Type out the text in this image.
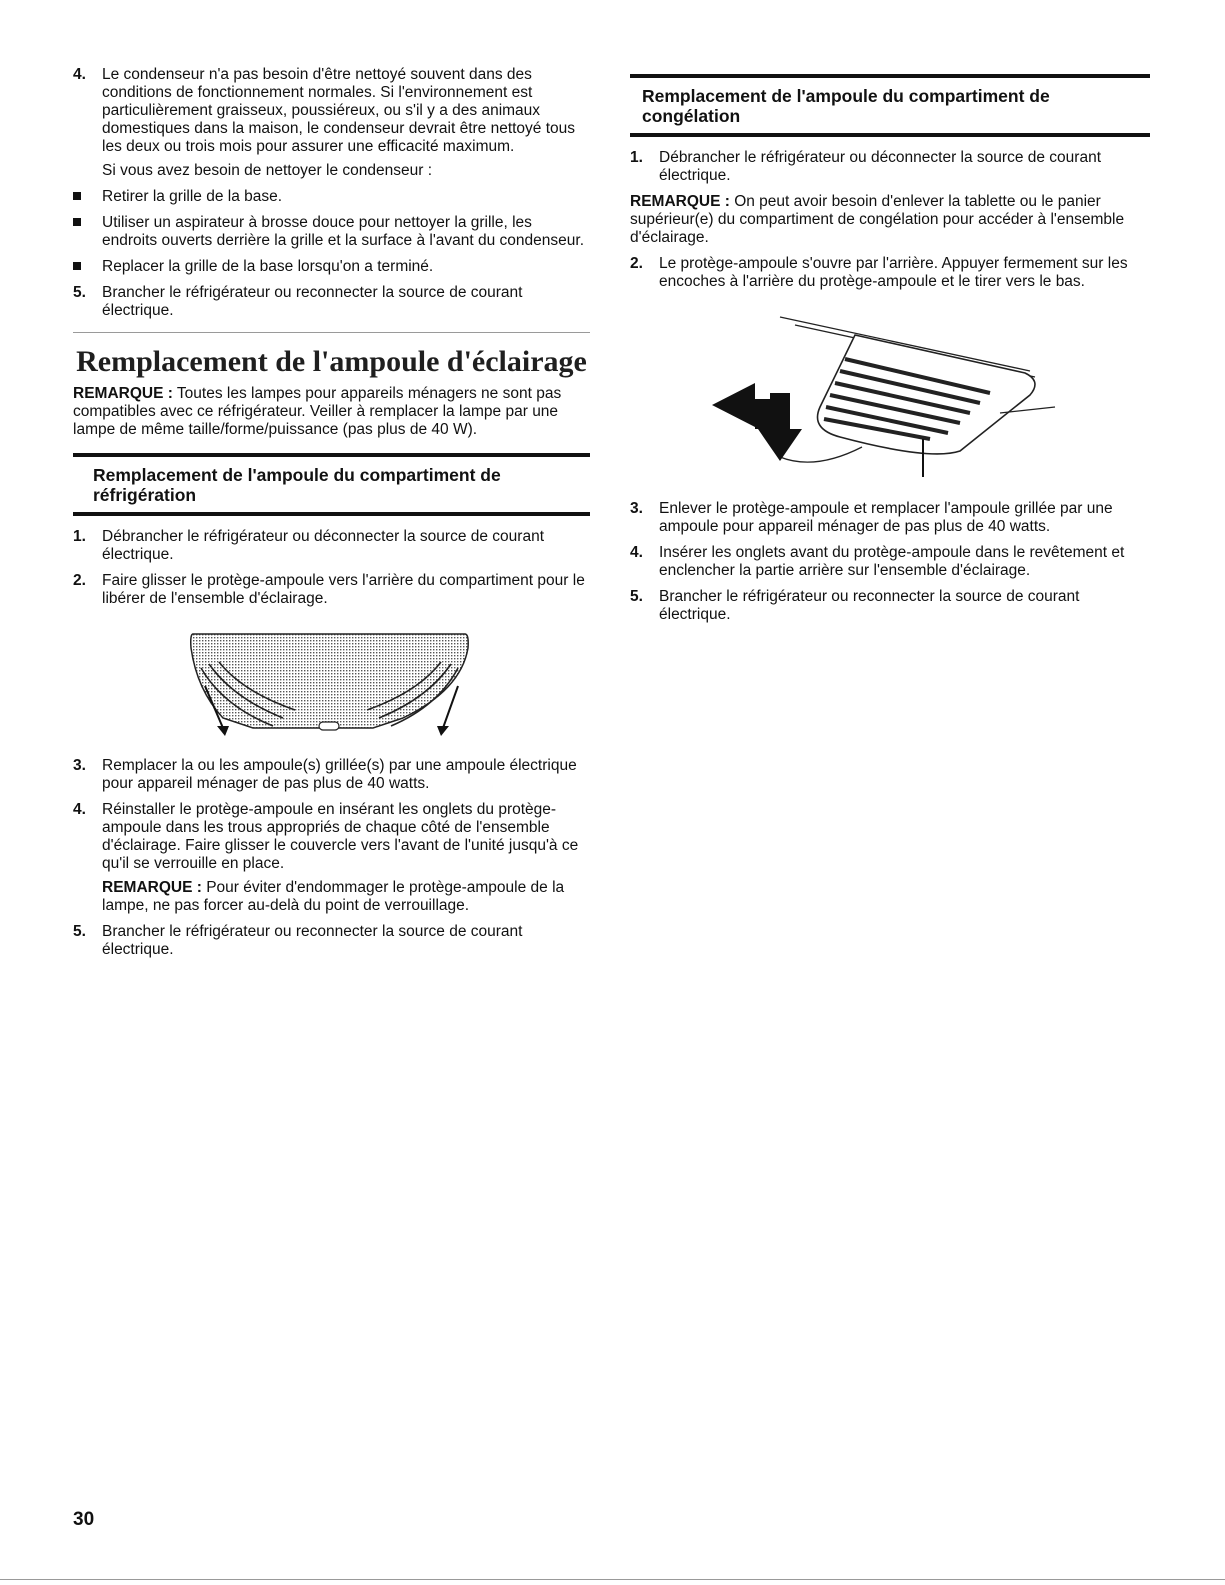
4. Le condenseur n'a pas besoin d'être nettoyé souvent dans des conditions de fonctionnement normales. Si l'environnement est particulièrement graisseux, poussiéreux, ou s'il y a des animaux domestiques dans la maison, le condenseur devrait être nettoyé tous les deux ou trois mois pour assurer une efficacité maximum.

Si vous avez besoin de nettoyer le condenseur :

Retirer la grille de la base.
Utiliser un aspirateur à brosse douce pour nettoyer la grille, les endroits ouverts derrière la grille et la surface à l'avant du condenseur.
Replacer la grille de la base lorsqu'on a terminé.
5. Brancher le réfrigérateur ou reconnecter la source de courant électrique.

Remplacement de l'ampoule d'éclairage

REMARQUE : Toutes les lampes pour appareils ménagers ne sont pas compatibles avec ce réfrigérateur. Veiller à remplacer la lampe par une lampe de même taille/forme/puissance (pas plus de 40 W).

Remplacement de l'ampoule du compartiment de réfrigération
1. Débrancher le réfrigérateur ou déconnecter la source de courant électrique.

2. Faire glisser le protège-ampoule vers l'arrière du compartiment pour le libérer de l'ensemble d'éclairage.

3. Remplacer la ou les ampoule(s) grillée(s) par une ampoule électrique pour appareil ménager de pas plus de 40 watts.

4. Réinstaller le protège-ampoule en insérant les onglets du protège-ampoule dans les trous appropriés de chaque côté de l'ensemble d'éclairage. Faire glisser le couvercle vers l'avant de l'unité jusqu'à ce qu'il se verrouille en place.

REMARQUE : Pour éviter d'endommager le protège-ampoule de la lampe, ne pas forcer au-delà du point de verrouillage.

5. Brancher le réfrigérateur ou reconnecter la source de courant électrique.

Remplacement de l'ampoule du compartiment de congélation
1. Débrancher le réfrigérateur ou déconnecter la source de courant électrique.

REMARQUE : On peut avoir besoin d'enlever la tablette ou le panier supérieur(e) du compartiment de congélation pour accéder à l'ensemble d'éclairage.

2. Le protège-ampoule s'ouvre par l'arrière. Appuyer fermement sur les encoches à l'arrière du protège-ampoule et le tirer vers le bas.

3. Enlever le protège-ampoule et remplacer l'ampoule grillée par une ampoule pour appareil ménager de pas plus de 40 watts.

4. Insérer les onglets avant du protège-ampoule dans le revêtement et enclencher la partie arrière sur l'ensemble d'éclairage.

5. Brancher le réfrigérateur ou reconnecter la source de courant électrique.

30
